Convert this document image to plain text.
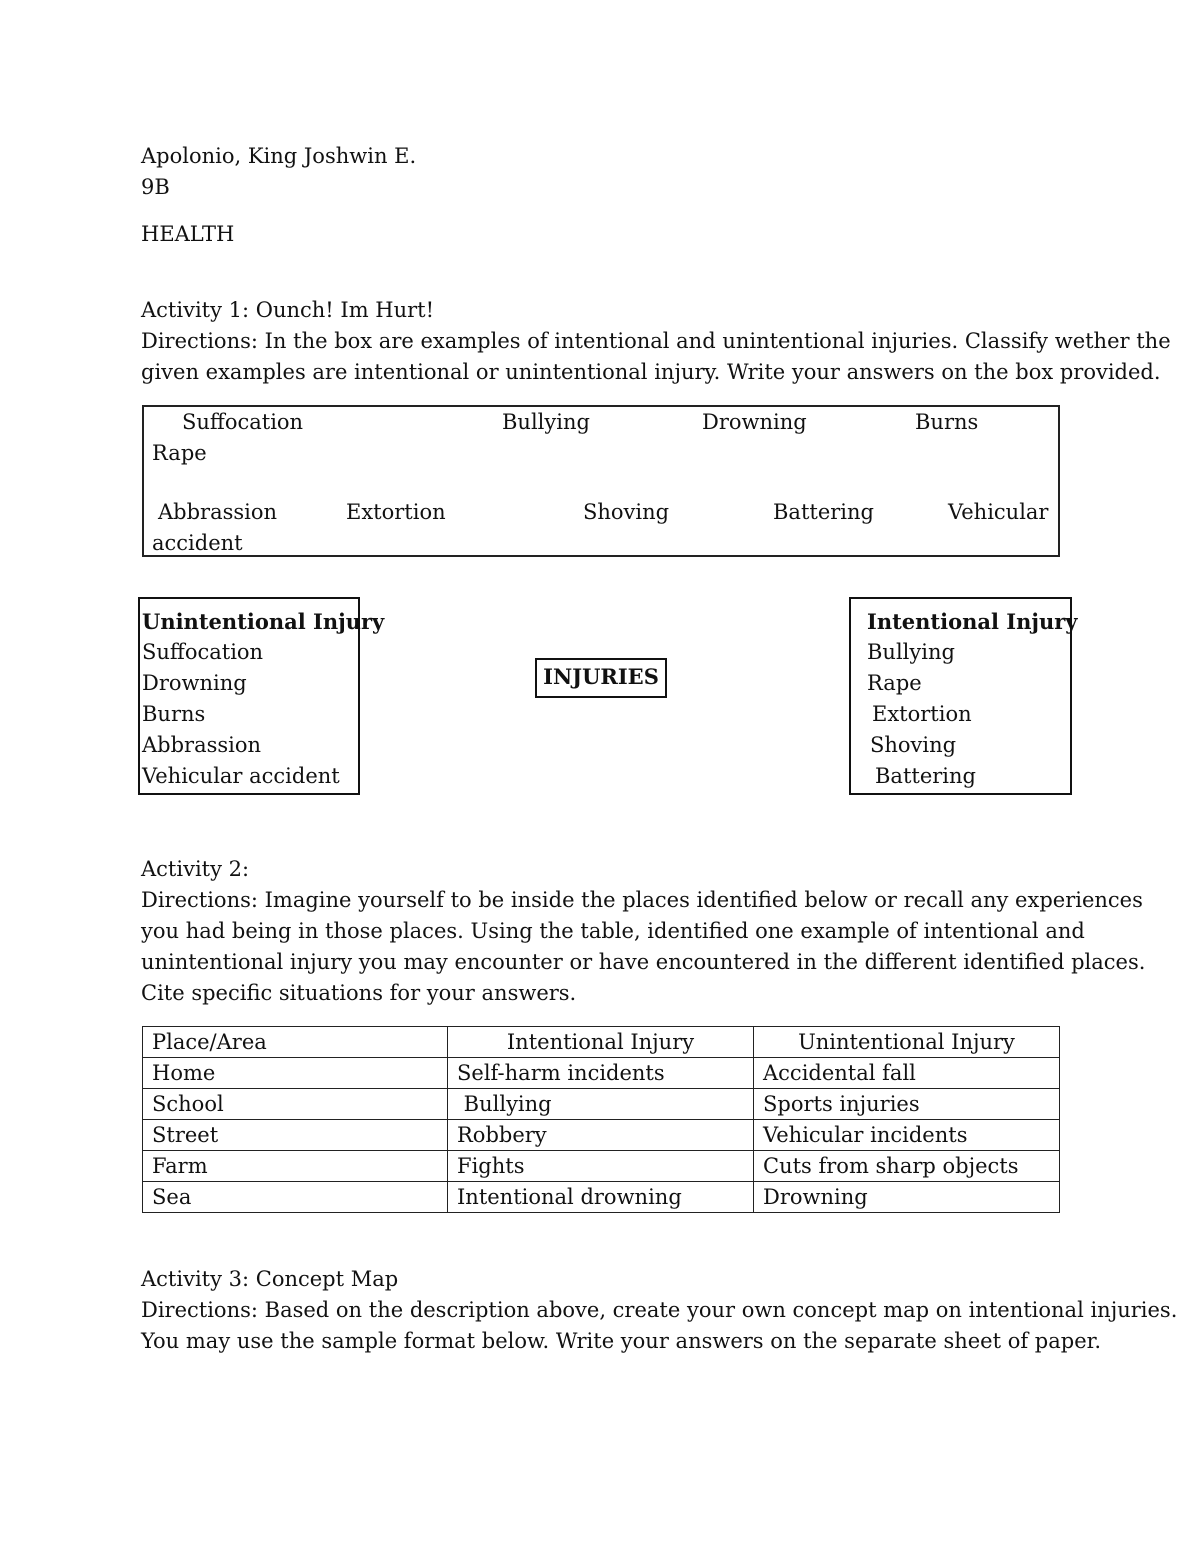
Apolonio, King Joshwin E.
9B
HEALTH
Activity 1: Ounch! Im Hurt!
Directions: In the box are examples of intentional and unintentional injuries. Classify wether the
given examples are intentional or unintentional injury. Write your answers on the box provided.
Suffocation	Bullying	Drowning	Burns
Rape
Abbrassion	Extortion	Shoving	Battering	Vehicular
accident
Unintentional Injury
Suffocation
Drowning
Burns
Abbrassion
Vehicular accident
INJURIES
Intentional Injury
Bullying
Rape
Extortion
Shoving
Battering
Activity 2:
Directions: Imagine yourself to be inside the places identified below or recall any experiences
you had being in those places. Using the table, identified one example of intentional and
unintentional injury you may encounter or have encountered in the different identified places.
Cite specific situations for your answers.
Place/Area	Intentional Injury	Unintentional Injury
Home	Self-harm incidents	Accidental fall
School	Bullying	Sports injuries
Street	Robbery	Vehicular incidents
Farm	Fights	Cuts from sharp objects
Sea	Intentional drowning	Drowning
Activity 3: Concept Map
Directions: Based on the description above, create your own concept map on intentional injuries.
You may use the sample format below. Write your answers on the separate sheet of paper.
